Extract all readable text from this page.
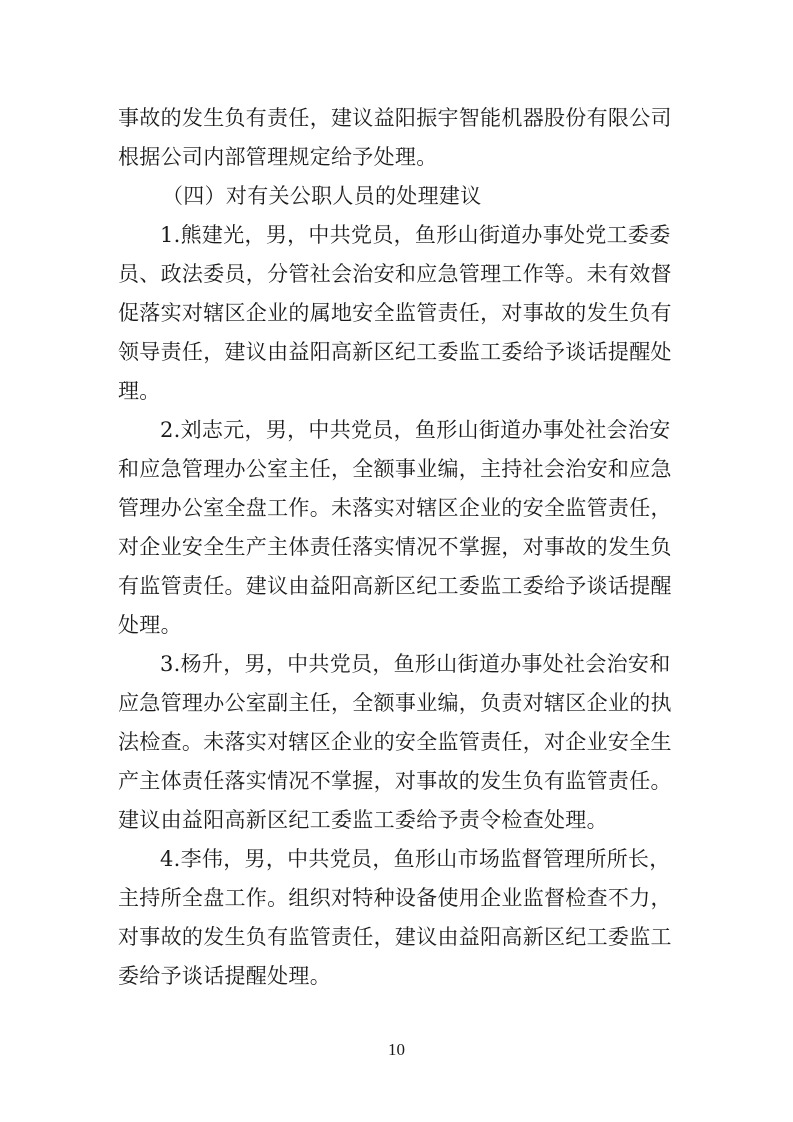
事故的发生负有责任，建议益阳振宇智能机器股份有限公司
根据公司内部管理规定给予处理。
（四）对有关公职人员的处理建议
1.熊建光，男，中共党员，鱼形山街道办事处党工委委
员、政法委员，分管社会治安和应急管理工作等。未有效督
促落实对辖区企业的属地安全监管责任，对事故的发生负有
领导责任，建议由益阳高新区纪工委监工委给予谈话提醒处
理。
2.刘志元，男，中共党员，鱼形山街道办事处社会治安
和应急管理办公室主任，全额事业编，主持社会治安和应急
管理办公室全盘工作。未落实对辖区企业的安全监管责任，
对企业安全生产主体责任落实情况不掌握，对事故的发生负
有监管责任。建议由益阳高新区纪工委监工委给予谈话提醒
处理。
3.杨升，男，中共党员，鱼形山街道办事处社会治安和
应急管理办公室副主任，全额事业编，负责对辖区企业的执
法检查。未落实对辖区企业的安全监管责任，对企业安全生
产主体责任落实情况不掌握，对事故的发生负有监管责任。
建议由益阳高新区纪工委监工委给予责令检查处理。
4.李伟，男，中共党员，鱼形山市场监督管理所所长，
主持所全盘工作。组织对特种设备使用企业监督检查不力，
对事故的发生负有监管责任，建议由益阳高新区纪工委监工
委给予谈话提醒处理。
10
